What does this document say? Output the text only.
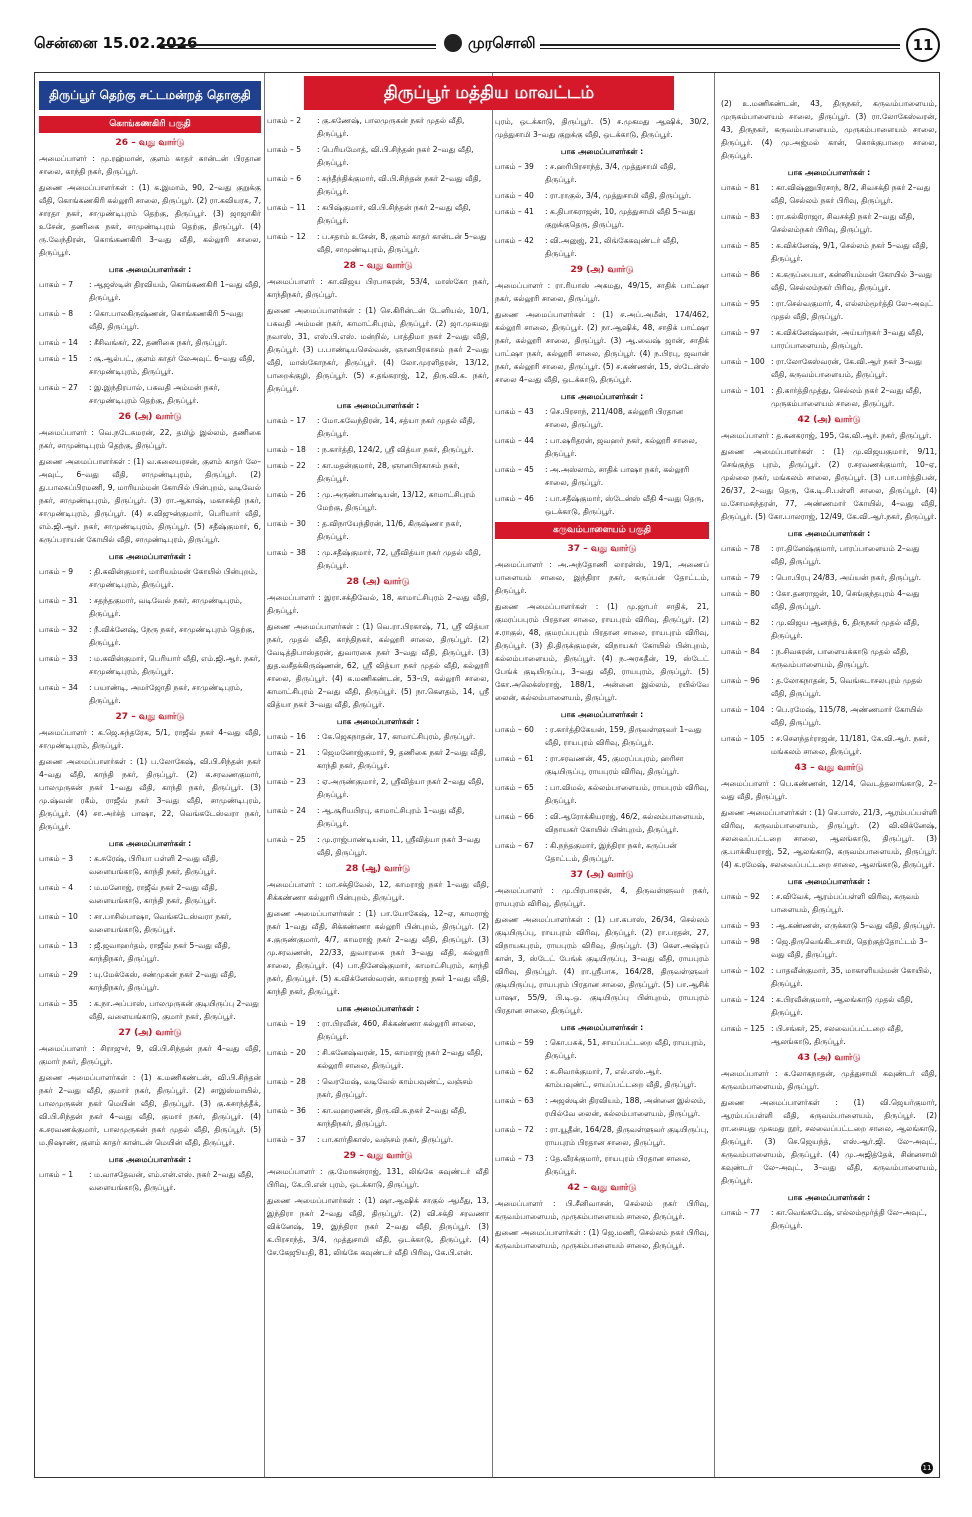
சென்னை 15.02.2026	முரசொலி	11
திருப்பூர் தெற்கு சட்டமன்றத் தொகுதி
கொங்கணகிரி பகுதி
26 – வது வார்டு
அமைப்பாளர் : மு.ரஹ்மான், குளம் காதர் கான்டன் பிரதான சாலை, காந்தி நகர், திருப்பூர்.
துணை அமைப்பாளர்கள் : (1) க.இமாம், 90, 2–வது குறுக்கு வீதி, கொங்கணகிரி கல்லூரி சாலை, திருப்பூர். (2) ரா.கவியரசு, 7, சாரதா நகர், சாமுண்டிபுரம் தெற்கு, திருப்பூர். (3) ஜாஜாகிர் உசேன், தணிகை நகர், சாமுண்டிபுரம் தெற்கு, திருப்பூர். (4) ரு.வேந்திரன், கொங்கணகிரி 3–வது வீதி, கல்லூரி சாலை, திருப்பூர்.
பாக அமைப்பாளர்கள் :
பாகம் – 7	: ஆஜஸ்டின் திரவியம், கொங்கணகிரி 1–வது வீதி, திருப்பூர்.
பாகம் – 8	: கொ.பாலகிருஷ்ணன், கொங்கணகிரி 5–வது வீதி, திருப்பூர்.
பாகம் – 14	: சீசிவங்கர், 22, தணிகை நகர், திருப்பூர்.
பாகம் – 15	: சூ.ஆல்பட், குளம் காதர் லேஅவுட் 6–வது வீதி, சாமுண்டிபுரம், திருப்பூர்.
பாகம் – 27	: இ.இந்திரபால், பகவதி அம்மன் நகர், சாமுண்டிபுரம் தெற்கு, திருப்பூர்.
26 (அ) வார்டு
அமைப்பாளர் : வெ.நடேசுமரன், 22, தமிழ் இல்லம், தணிகை நகர், சாமுண்டிபுரம் தெற்கு, திருப்பூர்.
துணை அமைப்பாளர்கள் : (1) வ.கலையரசன், குளம் காதர் லே–அவுட், 6–வது வீதி, சாமுண்டிபுரம், திருப்பூர். (2) து.பாலசுப்பிரமணி, 9, மாரியம்மன் கோயில் பின்புறம், வடிவேல் நகர், சாமுண்டிபுரம், திருப்பூர். (3) ரா.ஆகாஷ், மகாசக்தி நகர், சாமுண்டிபுரம், திருப்பூர். (4) ச.விஜுன்குமார், பெரியார் வீதி, எம்.ஜி.ஆர். நகர், சாமுண்டிபுரம், திருப்பூர். (5) சதீஷ்குமார், 6, கருப்பராயன் கோயில் வீதி, சாமுண்டிபுரம், திருப்பூர்.
பாக அமைப்பாளர்கள் :
பாகம் – 9	: தி.கவின்குமார், மாரியம்மன் கோயில் பின்புறம், சாமுண்டிபுரம், திருப்பூர்.
பாகம் – 31	: சதந்தகுமார், வடிவேல் நகர், சாமுண்டிபுரம், திருப்பூர்.
பாகம் – 32	: நீ.விக்னேஷ், நேரு நகர், சாமுண்டிபுரம் தெற்கு, திருப்பூர்.
பாகம் – 33	: ம.கவின்குமார், பெரியார் வீதி, எம்.ஜி.ஆர். நகர், சாமுண்டிபுரம், திருப்பூர்.
பாகம் – 34	: பயாண்டி, அமர்ஜோதி நகர், சாமுண்டிபுரம், திருப்பூர்.
27 – வது வார்டு
அமைப்பாளர் : க.ஜெ.சுந்தரேசு, 5/1, ராஜீவ் நகர் 4–வது வீதி, சாமுண்டிபுரம், திருப்பூர்.
துணை அமைப்பாளர்கள் : (1) ப.லோகேஷ், வி.பி.சிந்தன் நகர் 4–வது வீதி, காந்தி நகர், திருப்பூர். (2) க.சரவணகுமார், பாலமுருகன் நகர் 1–வது வீதி, காந்தி நகர், திருப்பூர். (3) மு.ஷ்வன் ரகீம், ராஜீவ் நகர் 3–வது வீதி, சாமுண்டிபுரம், திருப்பூர். (4) சா.அர்ச்த் பாஷா, 22, வெங்கடேஸ்வரா நகர், திருப்பூர்.
பாக அமைப்பாளர்கள் :
பாகம் – 3	: க.சுரேஷ், பிரியா பள்ளி 2–வது வீதி, வளையங்காடு, காந்தி நகர், திருப்பூர்.
பாகம் – 4	: ம.மனோஜ், ராஜீவ் நகர் 2–வது வீதி, வளையங்காடு, காந்தி நகர், திருப்பூர்.
பாகம் – 10	: சா.பாசில்பாஷா, வெங்கடேஸ்வரா நகர், வளையங்காடு, திருப்பூர்.
பாகம் – 13	: ஜீ.ஜவாஹர்தம், ராஜீவ் நகர் 5–வது வீதி, காந்திநகர், திருப்பூர்.
பாகம் – 29	: யு.மேக்கேஸ், சண்முகன் நகர் 2–வது வீதி, காந்திநகர், திருப்பூர்.
பாகம் – 35	: க.நா.அப்பாஸ், பாலமுருகன் குடியிருப்பு 2–வது வீதி, வளையங்காடு, குமார் நகர், திருப்பூர்.
27 (அ) வார்டு
அமைப்பாளர் : சிராஜுர், 9, வி.பி.சிந்தன் நகர் 4–வது வீதி, குமார் நகர், திருப்பூர்.
துணை அமைப்பாளர்கள் : (1) க.மணிகண்டன், வி.பி.சிந்தன் நகர் 2–வது வீதி, குமார் நகர், திருப்பூர். (2) சாஇஸ்மாயில், பாலமுருகன் நகர் மெயின் வீதி, திருப்பூர். (3) கு.சுசாந்த்தீக், வி.பி.சிந்தன் நகர் 4–வது வீதி, குமார் நகர், திருப்பூர். (4) க.சரவணக்குமார், பாலமுருகன் நகர் முதல் வீதி, திருப்பூர். (5) ம.நிஷாண், குளம் காதர் கான்டன் மெயின் வீதி, திருப்பூர்.
பாக அமைப்பாளர்கள் :
பாகம் – 1	: ம.வாசதேவன், எம்.என்.எஸ். நகர் 2–வது வீதி, வளையங்காடு, திருப்பூர்.
பாகம் – 2	: கு.கணேஷ், பாலமுருகன் நகர் முதல் வீதி, திருப்பூர்.
பாகம் – 5	: பெரியமோத், வி.பி.சிந்தன் நகர் 2–வது வீதி, திருப்பூர்.
பாகம் – 6	: சுந்தீந்திக்குமார், வி.பி.சிந்தன் நகர் 2–வது வீதி, திருப்பூர்.
பாகம் – 11	: சுபிஷ்குமார், வி.பி.சிந்தன் நகர் 2–வது வீதி, திருப்பூர்.
பாகம் – 12	: ப.சதாம் உசேன், 8, குளம் காதர் கான்டன் 5–வது வீதி, சாமுண்டிபுரம், திருப்பூர்.
28 – வது வார்டு
அமைப்பாளர் : கா.விஜய பிரபாகரன், 53/4, மாஸ்கோ நகர், காந்திநகர், திருப்பூர்.
துணை அமைப்பாளர்கள் : (1) செ.கிரின்டன் டேனியல், 10/1, பகவதி அம்மன் நகர், காமாட்சிபுரம், திருப்பூர். (2) ஜா.முகமது நவாஸ், 31, எஸ்.பி.எஸ். மன்றில், பாத்திமா நகர் 2–வது வீதி, திருப்பூர். (3) ப.பாண்டியசெல்வன், ஞானபிரகாசம் நகர் 2–வது வீதி, மாஸ்கோநகர், திருப்பூர். (4) லோ.முரளிதரன், 13/12, பாறைக்குழி, திருப்பூர். (5) ச.தங்கராஜ், 12, திரு.வி.க. நகர், திருப்பூர்.
பாக அமைப்பாளர்கள் :
பாகம் – 17	: மோ.கவேந்திரன், 14, சத்யா நகர் முதல் வீதி, திருப்பூர்.
பாகம் – 18	: ந.கார்த்தி, 124/2, ஸ்ரீ வித்யா நகர், திருப்பூர்.
பாகம் – 22	: கா.மதன்குமார், 28, ஞானபிரகாசம் நகர், திருப்பூர்.
பாகம் – 26	: மு.அருண்பாண்டியன், 13/12, காமாட்சிபுரம் மேற்கு, திருப்பூர்.
பாகம் – 30	: த.விநாயேந்திரன், 11/6, கிருஷ்ணா நகர், திருப்பூர்.
பாகம் – 38	: மு.சதீஷ்குமார், 72, ஸ்ரீவித்யா நகர் முதல் வீதி, திருப்பூர்.
28 (அ) வார்டு
அமைப்பாளர் : இரா.சக்திவேல், 18, காமாட்சிபுரம் 2–வது வீதி, திருப்பூர்.
துணை அமைப்பாளர்கள் : (1) வெ.ரா.பிரகாஷ், 71, ஸ்ரீ வித்யா நகர், முதல் வீதி, காந்திநகர், கல்லூரி சாலை, திருப்பூர். (2) வேடித்திபாஸ்தரன், துவாரகை நகர் 3–வது வீதி, திருப்பூர். (3) துத.வசீதக்கிருஷ்ணன், 62, ஸ்ரீ வித்யா நகர் முதல் வீதி, கல்லூரி சாலை, திருப்பூர். (4) க.மணிகண்டன், 53–பி, கல்லூரி சாலை, காமாட்சிபுரம் 2–வது வீதி, திருப்பூர். (5) நா.கௌதம், 14, ஸ்ரீ வித்யா நகர் 3–வது வீதி, திருப்பூர்.
பாக அமைப்பாளர்கள் :
பாகம் – 16	: கே.ஜெகநாதன், 17, காமாட்சிபுரம், திருப்பூர்.
பாகம் – 21	: ஜெமனோஜ்குமார், 9, தணிகை நகர் 2–வது வீதி, காந்தி நகர், திருப்பூர்.
பாகம் – 23	: ஏ.அருண்குமார், 2, ஸ்ரீவித்யா நகர் 2–வது வீதி, திருப்பூர்.
பாகம் – 24	: ஆ.சூரியபிரபு, காமாட்சிபுரம் 1–வது வீதி, திருப்பூர்.
பாகம் – 25	: மு.ராஜ்பாண்டியன், 11, ஸ்ரீவித்யா நகர் 3–வது வீதி, திருப்பூர்.
28 (ஆ) வார்டு
அமைப்பாளர் : மா.சக்திவேல், 12, காமராஜ் நகர் 1–வது வீதி, சிக்கண்ணா கல்லூரி பின்புறம், திருப்பூர்.
துணை அமைப்பாளர்கள் : (1) பா.யோகேஷ், 12–ஏ, காமராஜ் நகர் 1–வது வீதி, சிக்கண்ணா கல்லூரி பின்புறம், திருப்பூர். (2) ச.குருண்குமார், 4/7, காமராஜ் நகர் 2–வது வீதி, திருப்பூர். (3) மு.சரவணன், 22/33, துவாரகை நகர் 3–வது வீதி, கல்லூரி சாலை, திருப்பூர். (4) பா.தினேஷ்குமார், காமாட்சிபுரம், காந்தி நகர், திருப்பூர். (5) க.விக்னேஸ்வரன், காமராஜ் நகர் 1–வது வீதி, காந்தி நகர், திருப்பூர்.
பாக அமைப்பாளர்கள் :
பாகம் – 19	: ரா.பிரவீன், 460, சிக்கண்ணா கல்லூரி சாலை, திருப்பூர்.
பாகம் – 20	: சி.கனேஷ்வரன், 15, காமராஜ் நகர் 2–வது வீதி, கல்லூரி சாலை, திருப்பூர்.
பாகம் – 28	: வெரமேஷ், வடிவேல் காம்பவுண்ட், வஞ்சம் நகர், திருப்பூர்.
பாகம் – 36	: கா.வஹரணன், திரு.வி.க.நகர் 2–வது வீதி, காந்திநகர், திருப்பூர்.
பாகம் – 37	: பா.கார்திகாஸ், வஞ்சம் நகர், திருப்பூர்.
29 – வது வார்டு
அமைப்பாளர் : கு.மோகன்ராஜ், 131, லிங்கே கவுண்டர் வீதி பிரிவு, கே.பி.என் புரம், ஒடக்காடு, திருப்பூர்.
துணை அமைப்பாளர்கள் : (1) ஷா.ஆஷிக் சாகுல் ஆமீது, 13, இந்திரா நகர் 2–வது வீதி, திருப்பூர். (2) வி.சக்தி சரவணா விக்னேஷ், 19, இந்திரா நகர் 2–வது வீதி, திருப்பூர். (3) க.பிரசாந்த், 3/4, முத்துசாமி வீதி, ஒடக்காடு, திருப்பூர். (4) சே.கேஜூயதி, 81, லிங்கே கவுண்டர் வீதி பிரிவு, கே.பி.என்.
புரம், ஒடக்காடு, திருப்பூர். (5) ச.முகமது ஆஷிக், 30/2, முத்துசாமி 3–வது குறுக்கு வீதி, ஒடக்காடு, திருப்பூர்.
பாக அமைப்பாளர்கள் :
பாகம் – 39	: ச.ஹரிபிரசாந்த், 3/4, முத்துசாமி வீதி, திருப்பூர்.
பாகம் – 40	: ரா.ராகுல், 3/4, முத்துசாமி வீதி, திருப்பூர்.
பாகம் – 41	: க.திபாகராஜன், 10, முத்துசாமி வீதி 5–வது குறுக்குதெரு, திருப்பூர்.
பாகம் – 42	: வி.அனுஜ், 21, லிங்கேகவுண்டர் வீதி, திருப்பூர்.
29 (அ) வார்டு
அமைப்பாளர் : ரா.ரியாஸ் அகமது, 49/15, சாதிக் பாட்ஷா நகர், கல்லூரி சாலை, திருப்பூர்.
துணை அமைப்பாளர்கள் : (1) ச.அப்.அமீன், 174/462, கல்லூரி சாலை, திருப்பூர். (2) நா.ஆஷிக், 48, சாதிக் பாட்ஷா நகர், கல்லூரி சாலை, திருப்பூர். (3) ஆ.வைஷ் ஜான், சாதிக் பாட்ஷா நகர், கல்லூரி சாலை, திருப்பூர். (4) ந.பிரபு, ஜவான் நகர், கல்லூரி சாலை, திருப்பூர். (5) ச.கண்ணன், 15, ஸ்டேன்ஸ் சாலை 4–வது வீதி, ஒடக்காடு, திருப்பூர்.
பாக அமைப்பாளர்கள் :
பாகம் – 43	: செ.பிரசாந், 211/408, கல்லூரி பிரதான சாலை, திருப்பூர்.
பாகம் – 44	: பா.ஷரிதரன், ஜவஹர் நகர், கல்லூரி சாலை, திருப்பூர்.
பாகம் – 45	: அ.அஸ்லாம், சாதிக் பாஷா நகர், கல்லூரி சாலை, திருப்பூர்.
பாகம் – 46	: பா.சதீஷ்குமார், ஸ்டேன்ஸ் வீதி 4–வது தெரு, ஒடக்காடு, திருப்பூர்.
கருவம்பாளையம் பகுதி
37 – வது வார்டு
அமைப்பாளர் : அ.அந்தோணி லாரன்ஸ், 19/1, அணைப் பாளையம் சாலை, இந்திரா நகர், கருப்பன் தோட்டம், திருப்பூர்.
துணை அமைப்பாளர்கள் : (1) மு.ஜாபர் சாதிக், 21, குமரப்பபுரம் பிரதான சாலை, ராயபுரம் விரிவு, திருப்பூர். (2) ச.ராகுல், 48, குமரப்பபுரம் பிரதான சாலை, ராயபுரம் விரிவு, திருப்பூர். (3) தி.திருக்குமரன், விநாயகர் கோயில் பின்புறம், கல்லம்பாளையம், திருப்பூர். (4) ந.அரசுதீன், 19, ஸ்டேட் பேங்க் குடியிருப்பு, 3–வது வீதி, ராயபுரம், திருப்பூர். (5) கோ.அலெக்ஸ்ராஜ், 188/1, அன்னை இல்லம், ரயில்வே லைன், கல்லம்பாளையம், திருப்பூர்.
பாக அமைப்பாளர்கள் :
பாகம் – 60	: ர.கார்த்திகேயன், 159, திருவள்ளுவர் 1–வது வீதி, ராயபுரம் விரிவு, திருப்பூர்.
பாகம் – 61	: ரா.சரவணன், 45, குமரப்பபுரம், ஹரிசா குடியிருப்பு, ராயபுரம் விரிவு, திருப்பூர்.
பாகம் – 65	: பா.விமல், கல்லம்பாளையம், ராயபுரம் விரிவு, திருப்பூர்.
பாகம் – 66	: வி.ஆரோக்கியராஜ், 46/2, கல்லம்பாளையம், விநாயகர் கோயில் பின்புறம், திருப்பூர்.
பாகம் – 67	: கி.நந்தகுமார், இந்திரா நகர், கருப்பன் தோட்டம், திருப்பூர்.
37 (அ) வார்டு
அமைப்பாளர் : மு.பிரபாகரன், 4, திருவள்ளுவர் நகர், ராயபுரம் விரிவு, திருப்பூர்.
துணை அமைப்பாளர்கள் : (1) பா.கபாஸ், 26/34, செல்லம் குடியிருப்பு, ராயபுரம் விரிவு, திருப்பூர். (2) ரா.பரதன், 27, விநாயகபுரம், ராயபுரம் விரிவு, திருப்பூர். (3) கௌ.அஷ்ரப் கான், 3, ஸ்டேட் பேங்க் குடியிருப்பு, 3–வது வீதி, ராயபுரம் விரிவு, திருப்பூர். (4) ரா.ஸ்ரீபாசு, 164/28, திருவள்ளுவர் குடியிருப்பு, ராயபுரம் பிரதான சாலை, திருப்பூர். (5) பா.ஆசிக் பாஷா, 55/9, பி.டி.ஒ. குடியிருப்பு பின்புறம், ராயபுரம் பிரதான சாலை, திருப்பூர்.
பாக அமைப்பாளர்கள் :
பாகம் – 59	: கொ.பசுக், 51, சாயப்பட்டறை வீதி, ராயபுரம், திருப்பூர்.
பாகம் – 62	: சு.சிவாக்குமார், 7, எல்.எஸ்.ஆர். காம்பவுண்ட், சாயப்பட்டறை வீதி, திருப்பூர்.
பாகம் – 63	: அஜஸ்டின் திரவியம், 188, அன்னை இல்லம், ரயில்வே லைன், கல்லம்பாளையம், திருப்பூர்.
பாகம் – 72	: ரா.யூதீன், 164/28, திருவள்ளுவர் குடியிருப்பு, ராயபுரம் பிரதான சாலை, திருப்பூர்.
பாகம் – 73	: தே.வீரக்குமார், ராயபுரம் பிரதான சாலை, திருப்பூர்.
42 – வது வார்டு
அமைப்பாளர் : பி.சீனிவாசன், செல்லம் நகர் பிரிவு, கருவம்பாளையம், முருகம்பாளையம் சாலை, திருப்பூர்.
துணை அமைப்பாளர்கள் : (1) ஜெ.மணி, செல்லம் நகர் பிரிவு, கருவம்பாளையம், முருகம்பாளையம் சாலை, திருப்பூர்.
(2) உ.மணிகண்டன், 43, திருநகர், கருவம்பாளையம், முருகம்பாளையம் சாலை, திருப்பூர். (3) ரா.லோகேஸ்வரன், 43, திருநகர், கருவம்பாளையம், முருகம்பாளையம் சாலை, திருப்பூர். (4) மு.அஜ்மல் கான், கொக்குபாறை சாலை, திருப்பூர்.
பாக அமைப்பாளர்கள் :
பாகம் – 81	: கா.விஷ்ணுபிரசாந், 8/2, சிவசக்தி நகர் 2–வது வீதி, செல்லம் நகர் பிரிவு, திருப்பூர்.
பாகம் – 83	: ரா.கல்கிராஜா, சிவசக்தி நகர் 2–வது வீதி, செல்லம்நகர் பிரிவு, திருப்பூர்.
பாகம் – 85	: சு.விக்னேஷ், 9/1, செல்லம் நகர் 5–வது வீதி, திருப்பூர்.
பாகம் – 86	: க.கருப்பையா, கன்னியம்மன் கோயில் 3–வது வீதி, செல்லம்நகர் பிரிவு, திருப்பூர்.
பாகம் – 95	: ரா.செல்வகுமார், 4, எல்லம்மூர்த்தி லே–அவுட் முதல் வீதி, திருப்பூர்.
பாகம் – 97	: க.விக்னேஷ்வரன், அய்யர்நகர் 3–வது வீதி, பாரப்பாளையம், திருப்பூர்.
பாகம் – 100 : ரா.லோகேஸ்வரன், கே.வி.ஆர் நகர் 3–வது வீதி, கருவம்பாளையம், திருப்பூர்.
பாகம் – 101 : தி.கார்த்திமுத்து, செல்லம் நகர் 2–வது வீதி, முருகம்பாளையம் சாலை, திருப்பூர்.
42 (அ) வார்டு
அமைப்பாளர் : த.கனகராஜ், 195, கே.வி.ஆர். நகர், திருப்பூர்.
துணை அமைப்பாளர்கள் : (1) மு.விஜயகுமார், 9/11, செங்குந்த புரம், திருப்பூர். (2) ர.சரவணக்குமார், 10–ஏ, முல்லை நகர், மங்கலம் சாலை, திருப்பூர். (3) பா.பார்த்திபன், 26/37, 2–வது தெரு, கே.டி.சி.பள்ளி சாலை, திருப்பூர். (4) ம.சோமசுந்தரன், 77, அண்ணமார் கோயில், 4–வது வீதி, திருப்பூர். (5) கோ.பாலராஜ், 12/49, கே.வி.ஆர்.நகர், திருப்பூர்.
பாக அமைப்பாளர்கள் :
பாகம் – 78	: ரா.தினேஷ்குமார், பாரப்பாளையம் 2–வது வீதி, திருப்பூர்.
பாகம் – 79	: பொ.பிரபு 24/83, அய்யன் நகர், திருப்பூர்.
பாகம் – 80	: கோ.தனராஜன், 10, செங்குந்தபுரம் 4–வது வீதி, திருப்பூர்.
பாகம் – 82	: மு.விஜய ஆனந்த், 6, திருநகர் முதல் வீதி, திருப்பூர்.
பாகம் – 84	: ந.சிவகரன், பாளையக்காடு முதல் வீதி, கருவம்பாளையம், திருப்பூர்.
பாகம் – 96	: த.லோகநாதன், 5, வெங்கடாசலபுரம் முதல் வீதி, திருப்பூர்.
பாகம் – 104 : பெ.ரமேஷ், 115/78, அண்ணமார் கோயில் வீதி, திருப்பூர்.
பாகம் – 105 : ச.சௌந்தர்ராஜன், 11/181, கே.வி.ஆர். நகர், மங்கலம் சாலை, திருப்பூர்.
43 – வது வார்டு
அமைப்பாளர் : பெ.கண்ணன், 12/14, வெடத்தலாங்காடு, 2–வது வீதி, திருப்பூர்.
துணை அமைப்பாளர்கள் : (1) செ.பாஸ், 21/3, ஆரம்பப்பள்ளி விரிவு, கருவம்பாளையம், திருப்பூர். (2) வி.விக்னேஷ், சலவைப்பட்டறை சாலை, ஆலங்காடு, திருப்பூர். (3) கு.பாக்கியராஜ், 52, ஆலங்காடு, கருவம்பாளையம், திருப்பூர். (4) க.ரமேஷ், சலவைப்பட்டறை சாலை, ஆலங்காடு, திருப்பூர்.
பாக அமைப்பாளர்கள் :
பாகம் – 92	: ச.விவேக், ஆரம்பப்பள்ளி விரிவு, கருவம் பாளையம், திருப்பூர்.
பாகம் – 93	: ஆ.கண்ணன், எருக்காடு 5–வது வீதி, திருப்பூர்.
பாகம் – 98	: ஜெ.திருவெங்கிடசாமி, தெற்குத்தோட்டம் 3–வது வீதி, திருப்பூர்.
பாகம் – 102 : பாதவீன்குமார், 35, மாகாளியம்மன் கோயில், திருப்பூர்.
பாகம் – 124 : க.பிரவீன்குமார், ஆலங்காடு முதல் வீதி, திருப்பூர்.
பாகம் – 125 : பி.சங்கர், 25, சலவைப்பட்டறை வீதி, ஆலங்காடு, திருப்பூர்.
43 (அ) வார்டு
அமைப்பாளர் : க.லோகநாதன், முத்துசாமி கவுண்டர் வீதி, கருவம்பாளையம், திருப்பூர்.
துணை அமைப்பாளர்கள் : (1) வி.ஜெயர்குமார், ஆரம்பப்பள்ளி வீதி, கருவம்பாளையம், திருப்பூர். (2) ரா.சையது முகமது நூர், சலவைப்பட்டறை சாலை, ஆலங்காடு, திருப்பூர். (3) செ.ஜெயந்த், எஸ்.ஆர்.ஜி. லே–அவுட், கருவம்பாளையம், திருப்பூர். (4) மு.அஜித்தேக், சின்னசாமி கவுண்டர் லே–அவுட், 3–வது வீதி, கருவம்பாளையம், திருப்பூர்.
பாக அமைப்பாளர்கள் :
பாகம் – 77	: கா.வெங்கடேஷ், எல்லம்மூர்த்தி லே–அவுட், திருப்பூர்.
திருப்பூர் மத்திய மாவட்டம்
11
